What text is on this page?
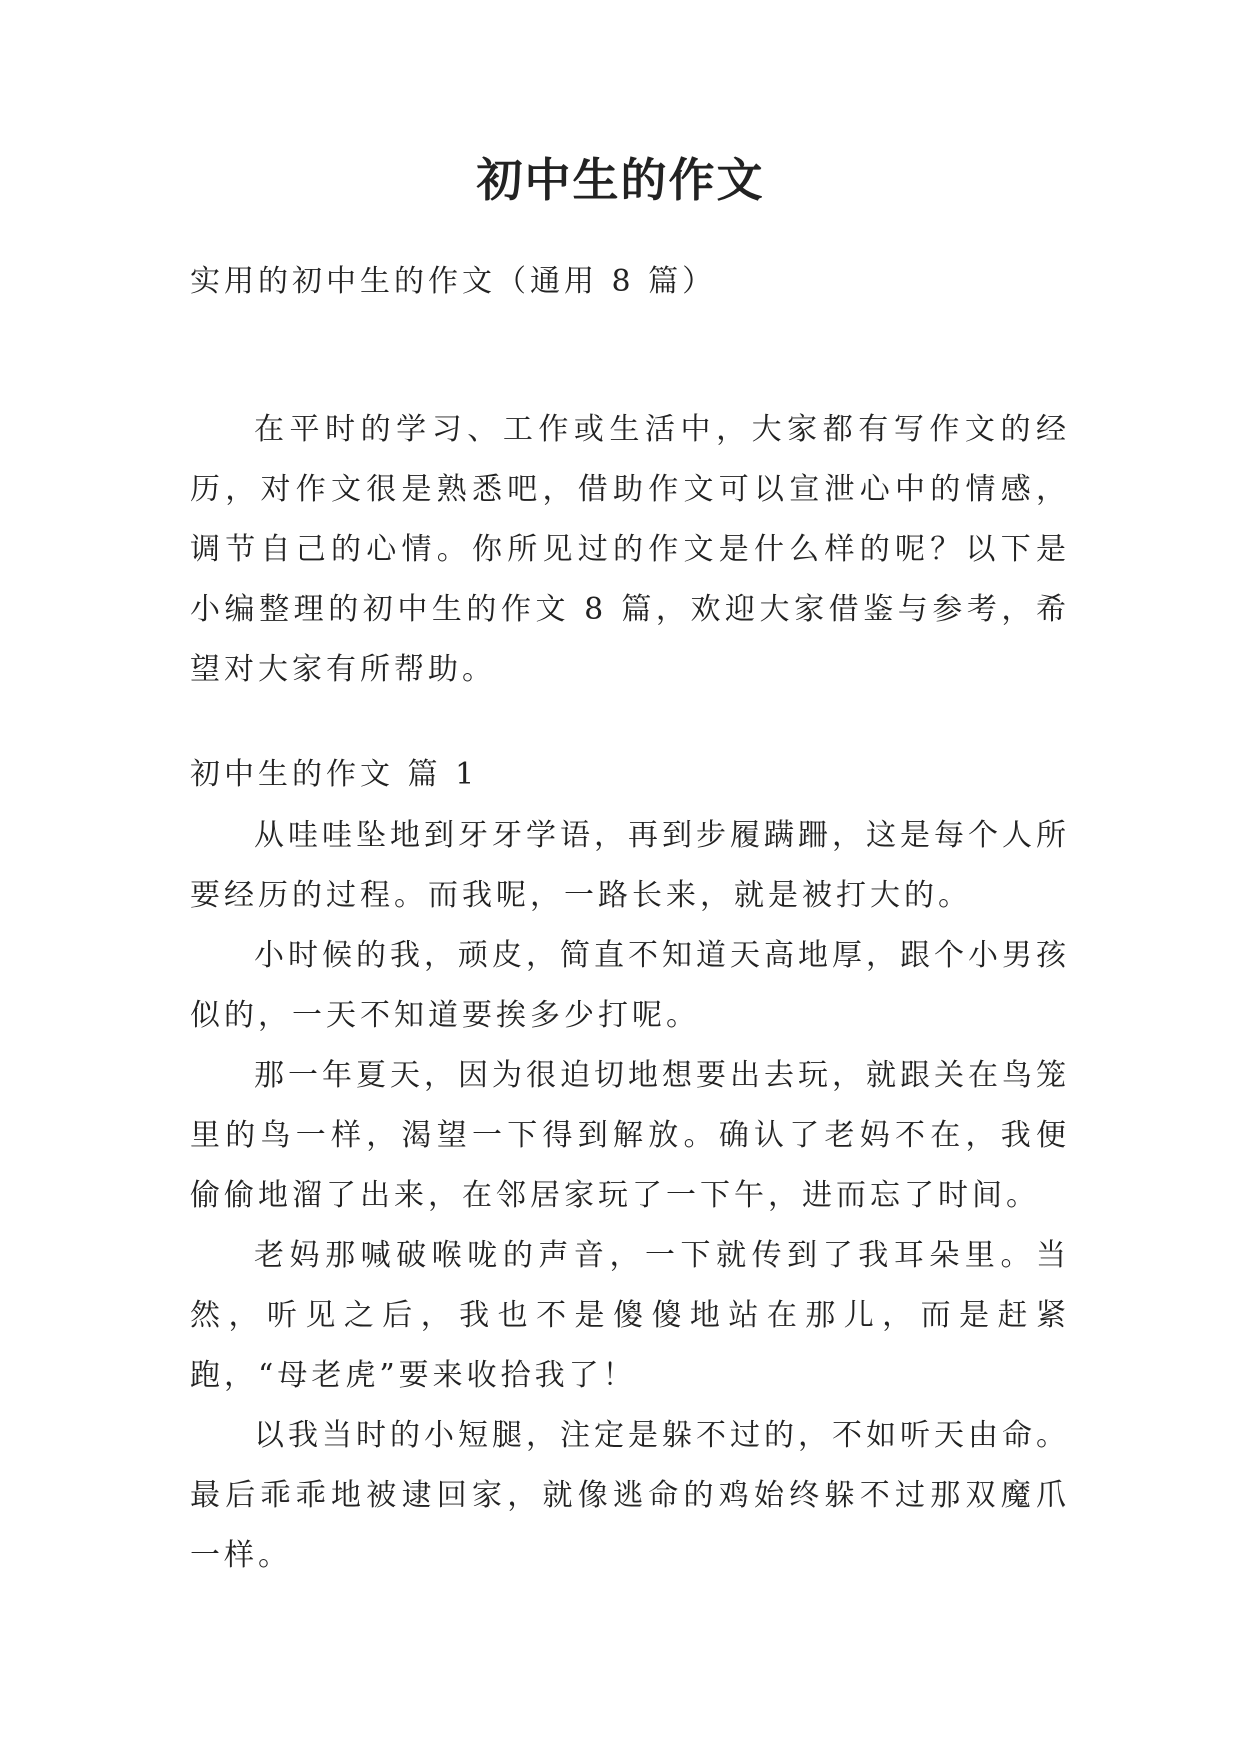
初中生的作文
实用的初中生的作文（通用 8 篇）

在平时的学习、工作或生活中，大家都有写作文的经历，对作文很是熟悉吧，借助作文可以宣泄心中的情感，调节自己的心情。你所见过的作文是什么样的呢？以下是小编整理的初中生的作文 8 篇，欢迎大家借鉴与参考，希望对大家有所帮助。

初中生的作文 篇 1

从哇哇坠地到牙牙学语，再到步履蹒跚，这是每个人所要经历的过程。而我呢，一路长来，就是被打大的。

小时候的我，顽皮，简直不知道天高地厚，跟个小男孩似的，一天不知道要挨多少打呢。

那一年夏天，因为很迫切地想要出去玩，就跟关在鸟笼里的鸟一样，渴望一下得到解放。确认了老妈不在，我便偷偷地溜了出来，在邻居家玩了一下午，进而忘了时间。

老妈那喊破喉咙的声音，一下就传到了我耳朵里。当然，听见之后，我也不是傻傻地站在那儿，而是赶紧跑，“母老虎”要来收拾我了！

以我当时的小短腿，注定是躲不过的，不如听天由命。最后乖乖地被逮回家，就像逃命的鸡始终躲不过那双魔爪一样。
